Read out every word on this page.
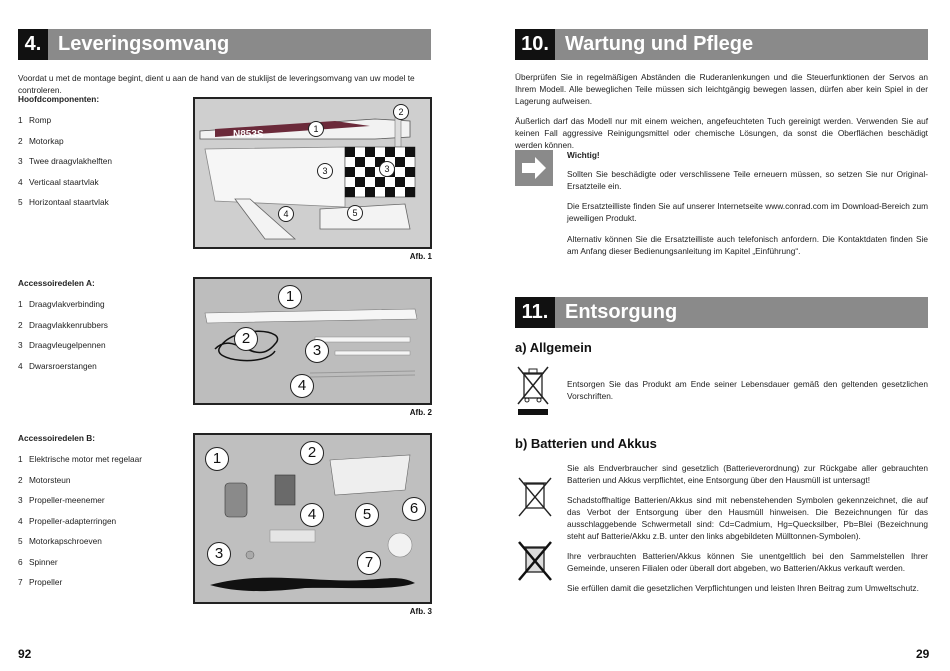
4. Leveringsomvang
Voordat u met de montage begint, dient u aan de hand van de stuklijst de leveringsomvang van uw model te controleren.
Hoofdcomponenten:
1 Romp
2 Motorkap
3 Twee draagvlakhelften
4 Verticaal staartvlak
5 Horizontaal staartvlak
N853S	1
2
3	3
4	5
Afb. 1
Accessoiredelen A:
1 Draagvlakverbinding
2 Draagvlakkenrubbers
3 Draagvleugelpennen
4 Dwarsroerstangen
1
2
3
4
Afb. 2
Accessoiredelen B:
1 Elektrische motor met regelaar
2 Motorsteun
3 Propeller-meenemer
4 Propeller-adapterringen
5 Motorkapschroeven
6 Spinner
7 Propeller
1	2
3
4	5	6
7
Afb. 3
92
10. Wartung und Pflege
Überprüfen Sie in regelmäßigen Abständen die Ruderanlenkungen und die Steuerfunktionen der Servos an Ihrem Modell. Alle beweglichen Teile müssen sich leichtgängig bewegen lassen, dürfen aber kein Spiel in der Lagerung aufweisen.
Äußerlich darf das Modell nur mit einem weichen, angefeuchteten Tuch gereinigt werden. Verwenden Sie auf keinen Fall aggressive Reinigungsmittel oder chemische Lösungen, da sonst die Oberflächen beschädigt werden können.
Wichtig!
Sollten Sie beschädigte oder verschlissene Teile erneuern müssen, so setzen Sie nur Original-Ersatzteile ein.
Die Ersatzteilliste finden Sie auf unserer Internetseite www.conrad.com im Download-Bereich zum jeweiligen Produkt.
Alternativ können Sie die Ersatzteilliste auch telefonisch anfordern. Die Kontaktdaten finden Sie am Anfang dieser Bedienungsanleitung im Kapitel „Einführung“.
11. Entsorgung
a) Allgemein
Entsorgen Sie das Produkt am Ende seiner Lebensdauer gemäß den geltenden gesetzlichen Vorschriften.
b) Batterien und Akkus
Sie als Endverbraucher sind gesetzlich (Batterieverordnung) zur Rückgabe aller gebrauchten Batterien und Akkus verpflichtet, eine Entsorgung über den Hausmüll ist untersagt!
Schadstoffhaltige Batterien/Akkus sind mit nebenstehenden Symbolen gekennzeichnet, die auf das Verbot der Entsorgung über den Hausmüll hinweisen. Die Bezeichnungen für das ausschlaggebende Schwermetall sind: Cd=Cadmium, Hg=Quecksilber, Pb=Blei (Bezeichnung steht auf Batterie/Akku z.B. unter den links abgebildeten Mülltonnen-Symbolen).
Ihre verbrauchten Batterien/Akkus können Sie unentgeltlich bei den Sammelstellen Ihrer Gemeinde, unseren Filialen oder überall dort abgeben, wo Batterien/Akkus verkauft werden.
Sie erfüllen damit die gesetzlichen Verpflichtungen und leisten Ihren Beitrag zum Umweltschutz.
29
